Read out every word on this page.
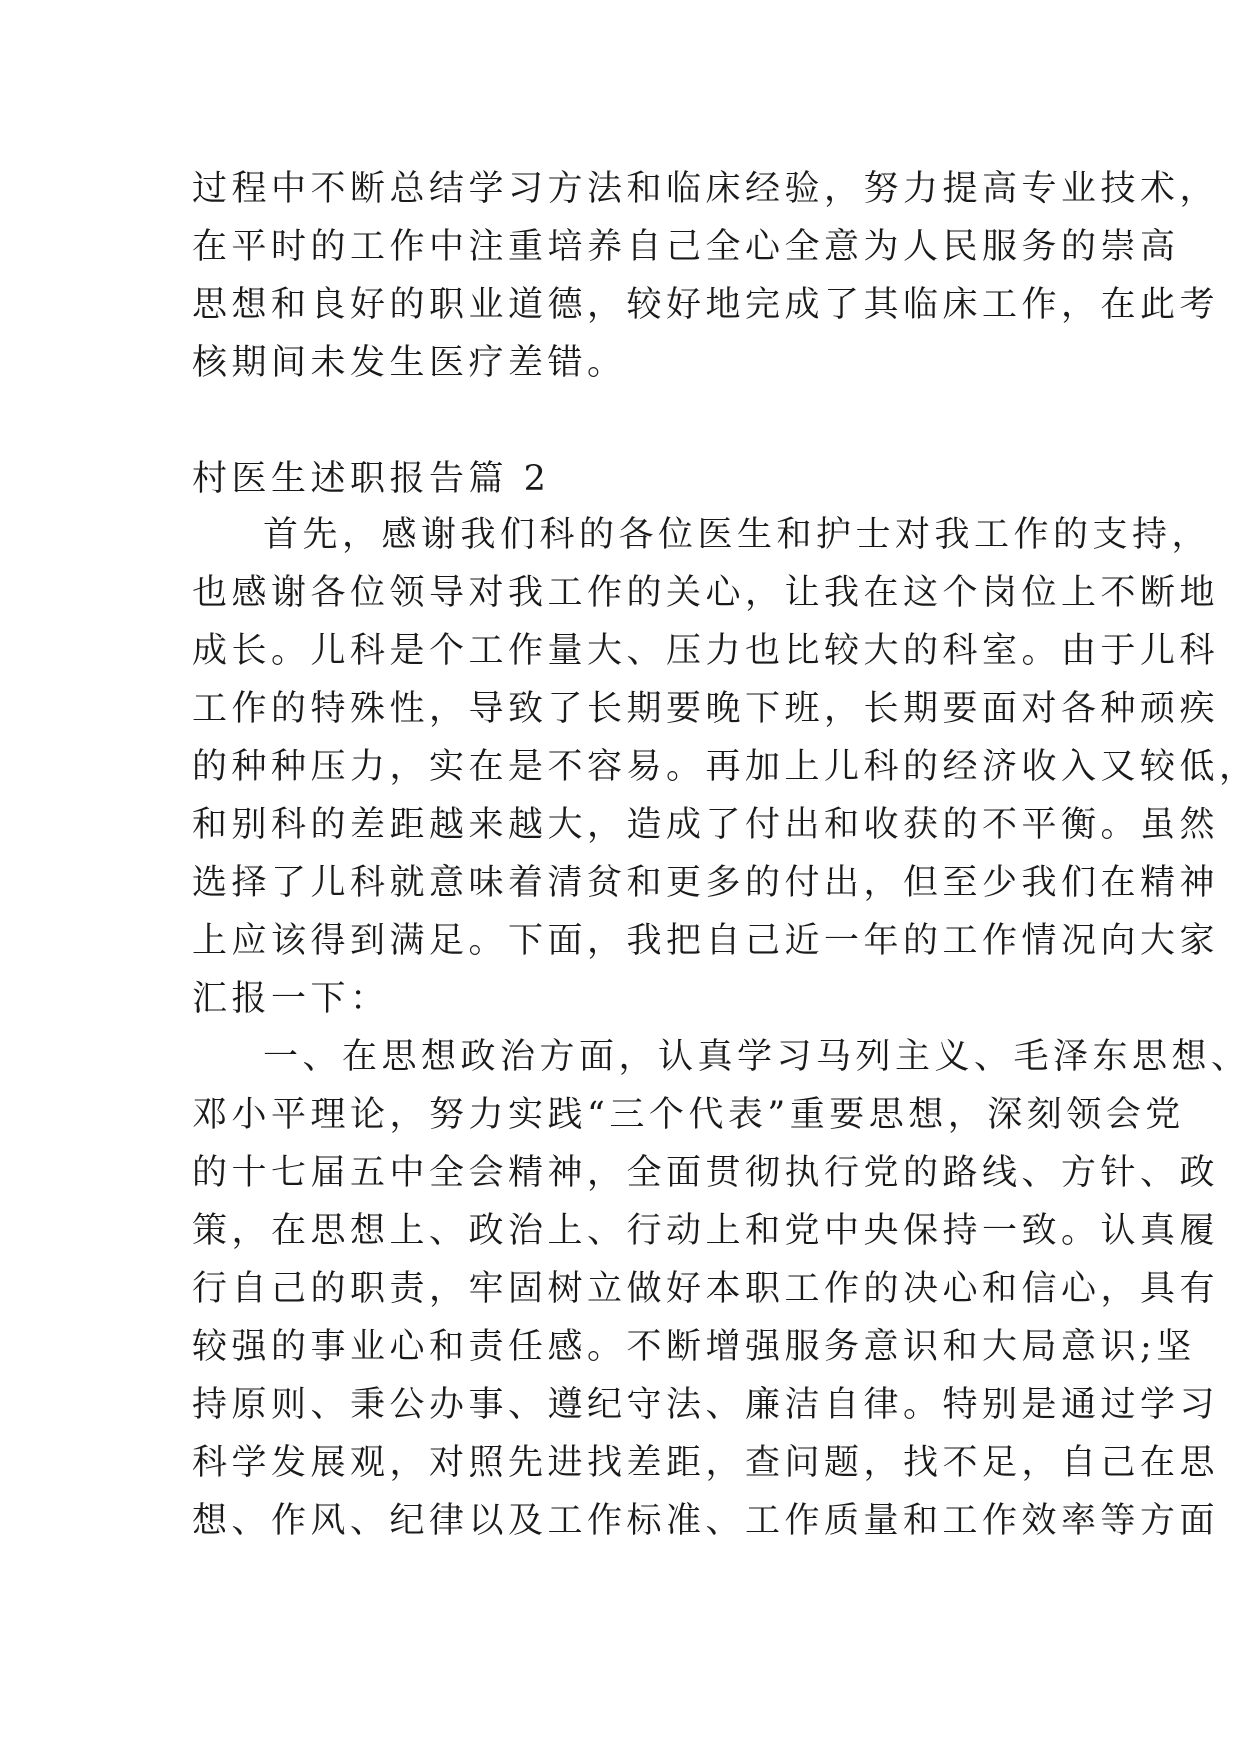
过程中不断总结学习方法和临床经验，努力提高专业技术，
在平时的工作中注重培养自己全心全意为人民服务的崇高
思想和良好的职业道德，较好地完成了其临床工作，在此考
核期间未发生医疗差错。
村医生述职报告篇 2
首先，感谢我们科的各位医生和护士对我工作的支持，
也感谢各位领导对我工作的关心，让我在这个岗位上不断地
成长。儿科是个工作量大、压力也比较大的科室。由于儿科
工作的特殊性，导致了长期要晚下班，长期要面对各种顽疾
的种种压力，实在是不容易。再加上儿科的经济收入又较低，
和别科的差距越来越大，造成了付出和收获的不平衡。虽然
选择了儿科就意味着清贫和更多的付出，但至少我们在精神
上应该得到满足。下面，我把自己近一年的工作情况向大家
汇报一下：
一、在思想政治方面，认真学习马列主义、毛泽东思想、
邓小平理论，努力实践“三个代表”重要思想，深刻领会党
的十七届五中全会精神，全面贯彻执行党的路线、方针、政
策，在思想上、政治上、行动上和党中央保持一致。认真履
行自己的职责，牢固树立做好本职工作的决心和信心，具有
较强的事业心和责任感。不断增强服务意识和大局意识;坚
持原则、秉公办事、遵纪守法、廉洁自律。特别是通过学习
科学发展观，对照先进找差距，查问题，找不足，自己在思
想、作风、纪律以及工作标准、工作质量和工作效率等方面
